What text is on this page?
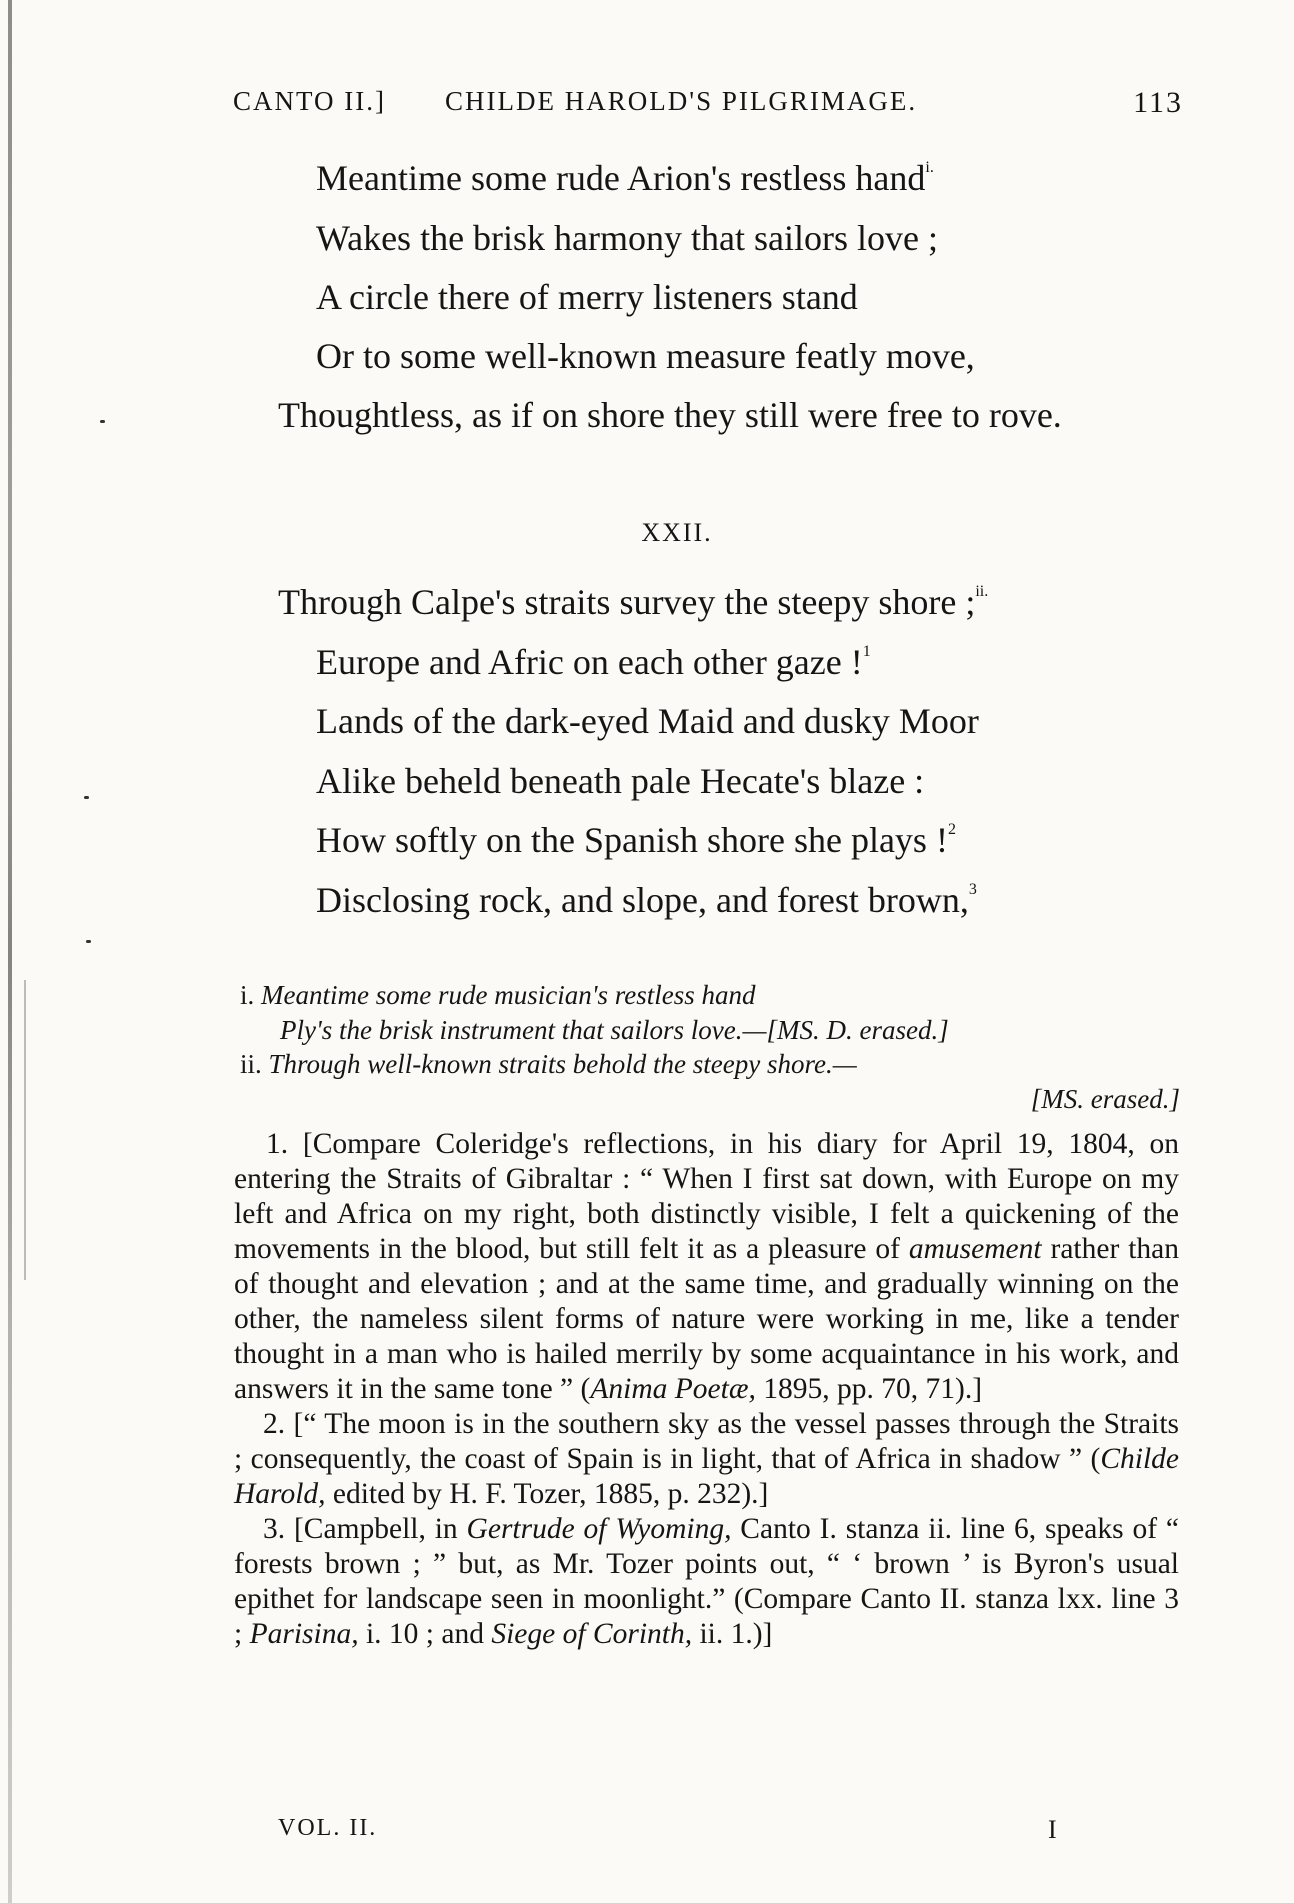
CANTO II.] CHILDE HAROLD'S PILGRIMAGE.	113
Meantime some rude Arion's restless hand$^{i.}$
Wakes the brisk harmony that sailors love ;
A circle there of merry listeners stand
Or to some well-known measure featly move,
Thoughtless, as if on shore they still were free to rove.
XXII.
Through Calpe's straits survey the steepy shore ;$^{ii.}$
Europe and Afric on each other gaze !$^1$
Lands of the dark-eyed Maid and dusky Moor
Alike beheld beneath pale Hecate's blaze :
How softly on the Spanish shore she plays !$^2$
Disclosing rock, and slope, and forest brown,$^3$
i. Meantime some rude musician's restless hand
Ply's the brisk instrument that sailors love.—[MS. D. erased.]
ii. Through well-known straits behold the steepy shore.—
[MS. erased.]

1. [Compare Coleridge's reflections, in his diary for April 19, 1804, on entering the Straits of Gibraltar : “ When I first sat down, with Europe on my left and Africa on my right, both distinctly visible, I felt a quickening of the movements in the blood, but still felt it as a pleasure of amusement rather than of thought and elevation ; and at the same time, and gradually winning on the other, the nameless silent forms of nature were working in me, like a tender thought in a man who is hailed merrily by some acquaintance in his work, and answers it in the same tone ” (Anima Poetæ, 1895, pp. 70, 71).]

2. [“ The moon is in the southern sky as the vessel passes through the Straits ; consequently, the coast of Spain is in light, that of Africa in shadow ” (Childe Harold, edited by H. F. Tozer, 1885, p. 232).]

3. [Campbell, in Gertrude of Wyoming, Canto I. stanza ii. line 6, speaks of “ forests brown ; ” but, as Mr. Tozer points out, “ ‘ brown ’ is Byron's usual epithet for landscape seen in moonlight.” (Compare Canto II. stanza lxx. line 3 ; Parisina, i. 10 ; and Siege of Corinth, ii. 1.)]

VOL. II.	I
